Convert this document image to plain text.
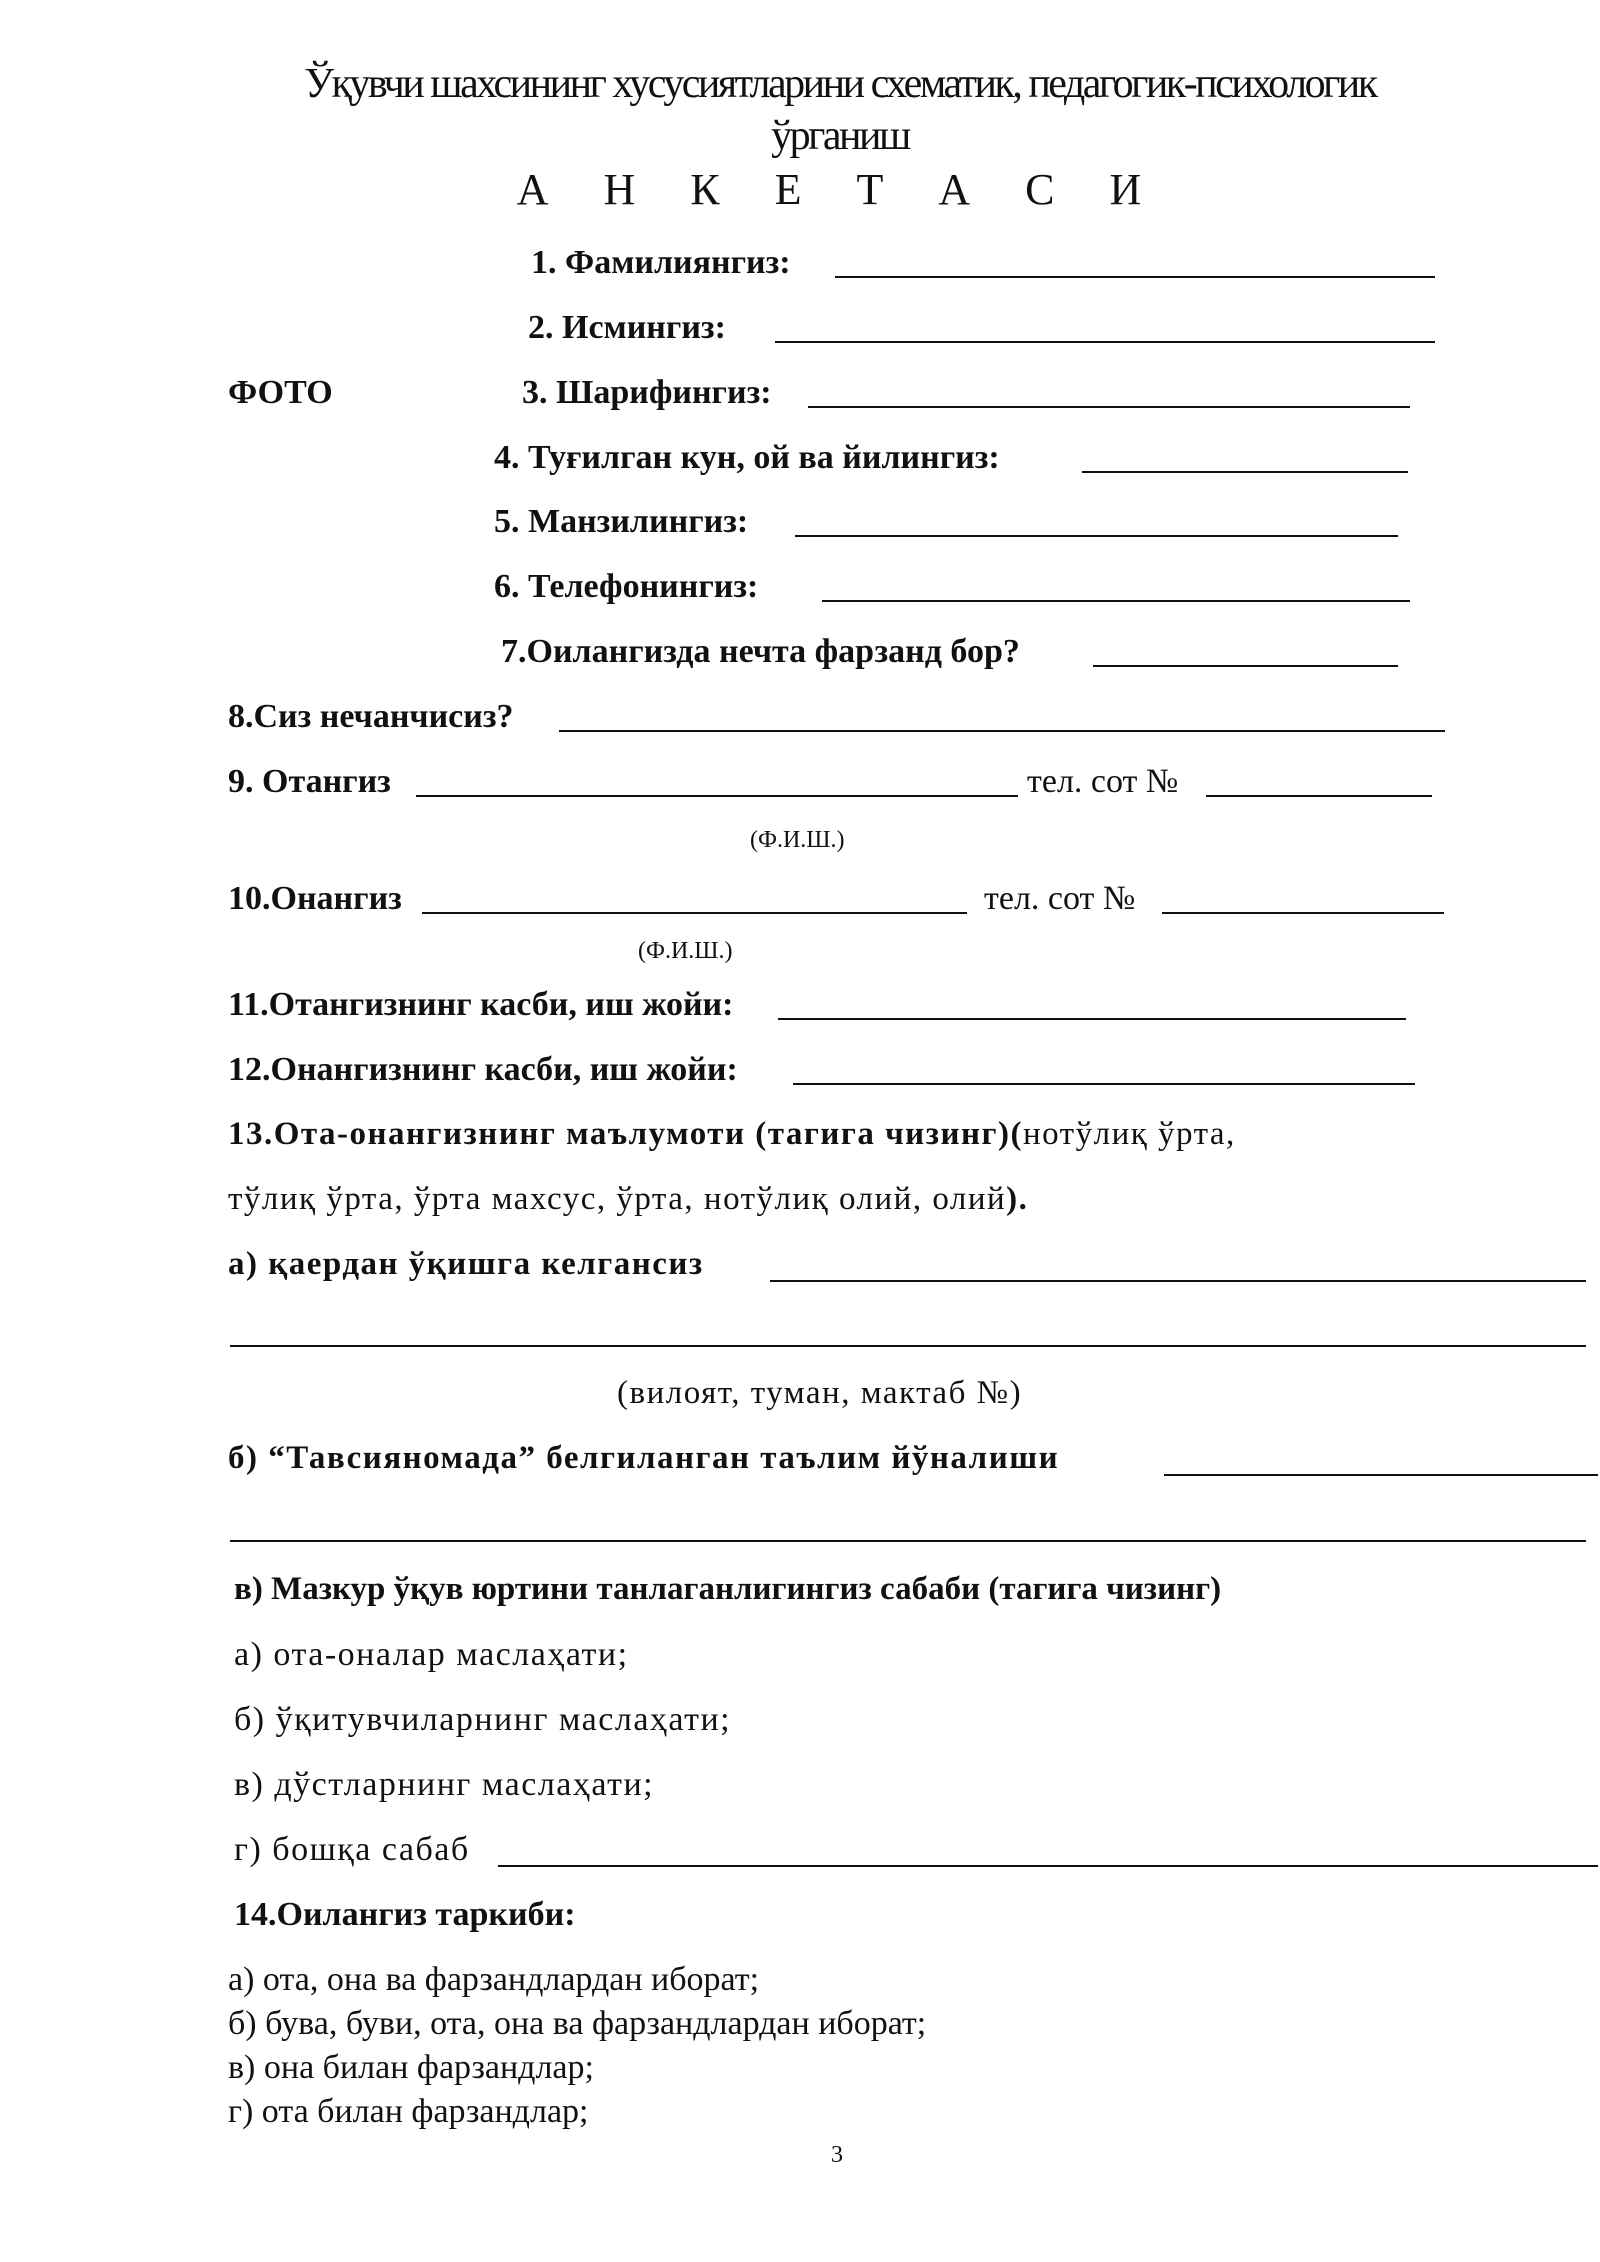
Ўқувчи шахсининг хусусиятларини схематик, педагогик-психологик
ўрганиш
А Н К Е Т А С И
ФОТО
1. Фамилиянгиз:
2. Исмингиз:
3. Шарифингиз:
4. Туғилган кун, ой ва йилингиз:
5. Манзилингиз:
6. Телефонингиз:
7.Оилангизда нечта фарзанд бор?
8.Сиз нечанчисиз?
9. Отангиз	тел. сот №
(Ф.И.Ш.)
10.Онангиз	тел. сот №
(Ф.И.Ш.)
11.Отангизнинг касби, иш жойи:
12.Онангизнинг касби, иш жойи:
13.Ота-онангизнинг маълумоти (тагига чизинг)(нотўлиқ ўрта,
тўлиқ ўрта, ўрта махсус, ўрта, нотўлиқ олий, олий).
а) қаердан ўқишга келгансиз
(вилоят, туман, мактаб №)
б) “Тавсияномада” белгиланган таълим йўналиши
в) Мазкур ўқув юртини танлаганлигингиз сабаби (тагига чизинг)
а) ота-оналар маслаҳати;
б) ўқитувчиларнинг маслаҳати;
в) дўстларнинг маслаҳати;
г) бошқа сабаб
14.Оилангиз таркиби:
а) ота, она ва фарзандлардан иборат;
б) бува, буви, ота, она ва фарзандлардан иборат;
в) она билан фарзандлар;
г) ота билан фарзандлар;
3
